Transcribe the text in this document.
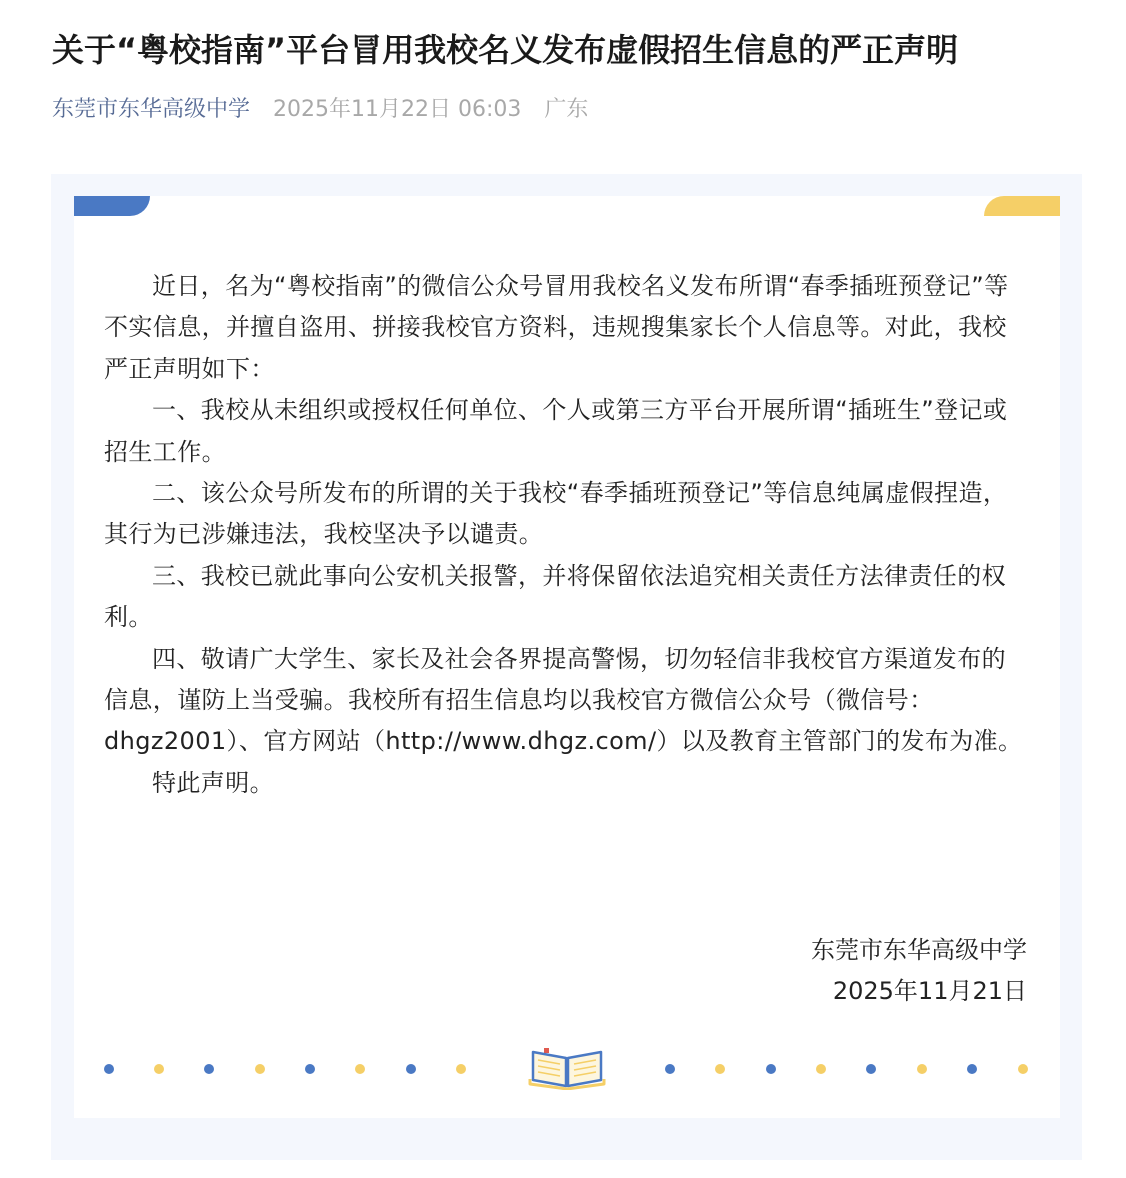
关于“粤校指南”平台冒用我校名义发布虚假招生信息的严正声明
东莞市东华高级中学 2025年11月22日 06:03 广东

近日，名为“粤校指南”的微信公众号冒用我校名义发布所谓“春季插班预登记”等不实信息，并擅自盗用、拼接我校官方资料，违规搜集家长个人信息等。对此，我校严正声明如下：

一、我校从未组织或授权任何单位、个人或第三方平台开展所谓“插班生”登记或招生工作。

二、该公众号所发布的所谓的关于我校“春季插班预登记”等信息纯属虚假捏造，其行为已涉嫌违法，我校坚决予以谴责。

三、我校已就此事向公安机关报警，并将保留依法追究相关责任方法律责任的权利。

四、敬请广大学生、家长及社会各界提高警惕，切勿轻信非我校官方渠道发布的信息，谨防上当受骗。我校所有招生信息均以我校官方微信公众号（微信号：dhgz2001）、官方网站（http://www.dhgz.com/）以及教育主管部门的发布为准。

特此声明。

东莞市东华高级中学
2025年11月21日
